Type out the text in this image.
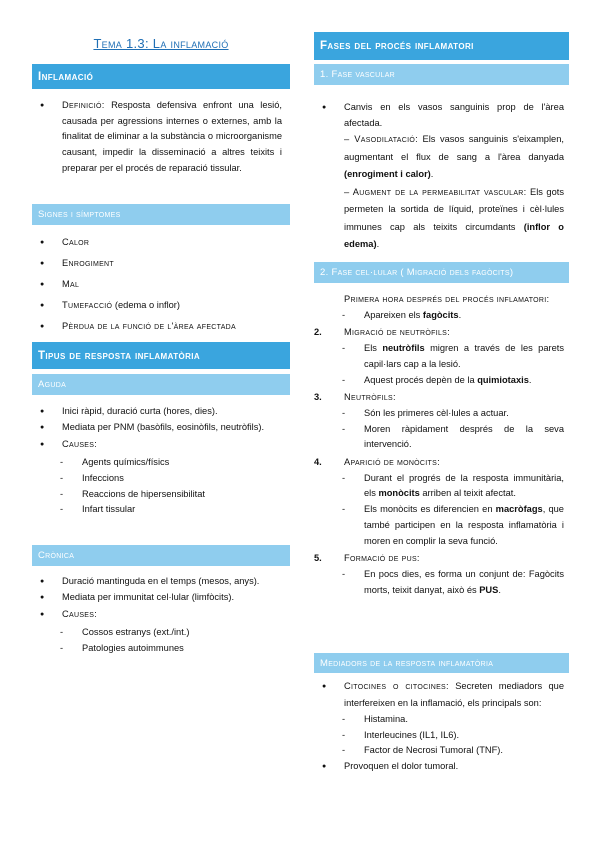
Tema 1.3: La inflamació
Inflamació
● Definició: Resposta defensiva enfront una lesió, causada per agressions internes o externes, amb la finalitat de eliminar a la substància o microorganisme causant, impedir la disseminació a altres teixits i preparar per el procés de reparació tissular.
Signes i símptomes
● Calor
● Enrogiment
● Mal
● Tumefacció (edema o inflor)
● Pèrdua de la funció de l'àrea afectada
Tipus de resposta inflamatòria
Aguda
● Inici ràpid, duració curta (hores, dies).
● Mediata per PNM (basòfils, eosinòfils, neutròfils).
● Causes:
- Agents químics/físics
- Infeccions
- Reaccions de hipersensibilitat
- Infart tissular
Crònica
● Duració mantinguda en el temps (mesos, anys).
● Mediata per immunitat cel·lular (limfòcits).
● Causes:
- Cossos estranys (ext./int.)
- Patologies autoimmunes
Fases del procés inflamatori
1. Fase vascular
● Canvis en els vasos sanguinis prop de l'àrea afectada.
– Vasodilatació: Els vasos sanguinis s'eixamplen, augmentant el flux de sang a l'àrea danyada (enrogiment i calor).
– Augment de la permeabilitat vascular: Els gots permeten la sortida de líquid, proteïnes i cèl·lules immunes cap als teixits circumdants (inflor o edema).
2. Fase cel·lular ( Migració dels fagòcits)
Primera hora després del procés inflamatori:
- Apareixen els fagòcits.
2. Migració de neutròfils:
- Els neutròfils migren a través de les parets capil·lars cap a la lesió.
- Aquest procés depèn de la quimiotaxis.
3. Neutròfils:
- Són les primeres cèl·lules a actuar.
- Moren ràpidament després de la seva intervenció.
4. Aparició de monòcits:
- Durant el progrés de la resposta immunitària, els monòcits arriben al teixit afectat.
- Els monòcits es diferencien en macròfags, que també participen en la resposta inflamatòria i moren en complir la seva funció.
5. Formació de pus:
- En pocs dies, es forma un conjunt de: Fagòcits morts, teixit danyat, això és PUS.
Mediadors de la resposta inflamatòria
● Citocines o citocines: Secreten mediadors que interfereixen en la inflamació, els principals son:
- Histamina.
- Interleucines (IL1, IL6).
- Factor de Necrosi Tumoral (TNF).
● Provoquen el dolor tumoral.
